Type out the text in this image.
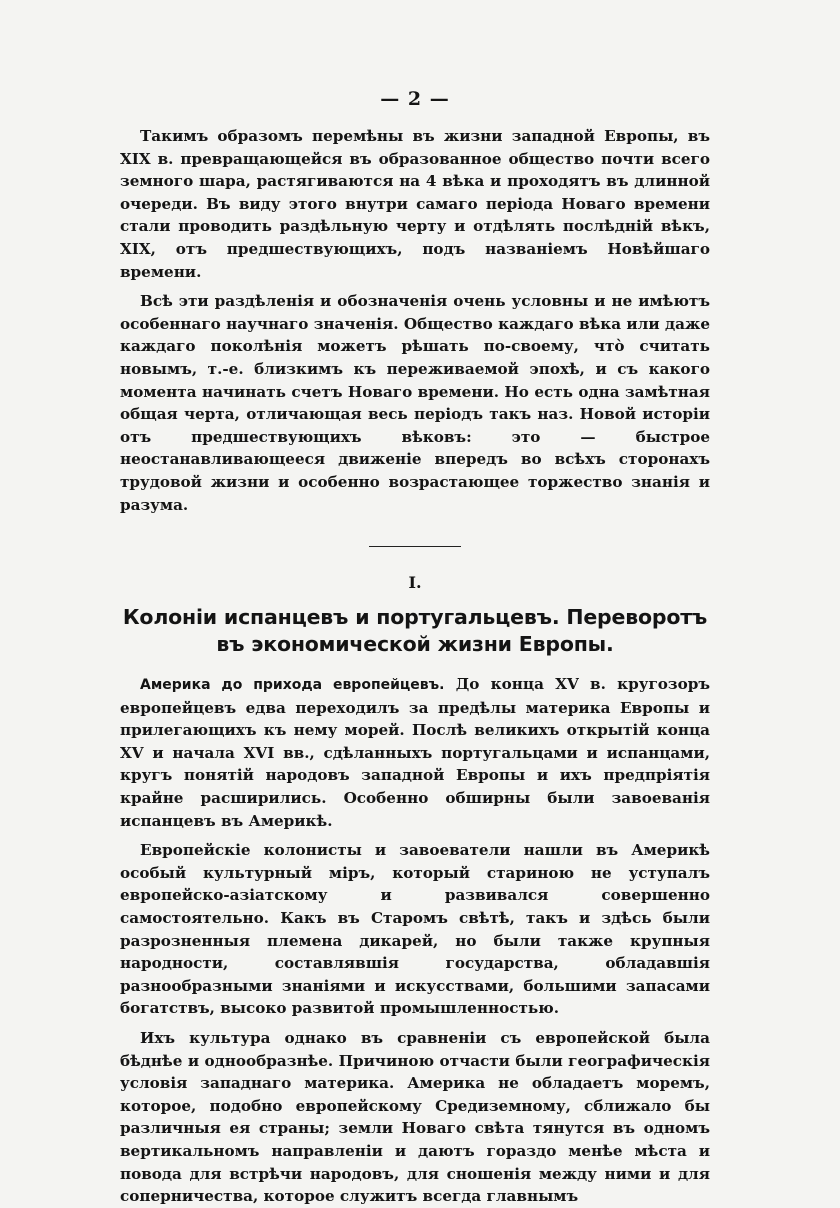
— 2 —

Такимъ образомъ перемѣны въ жизни западной Европы, въ XIX в. превращающейся въ образованное общество почти всего земного шара, растягиваются на 4 вѣка и проходятъ въ длинной очереди. Въ виду этого внутри самаго періода Новаго времени стали проводить раздѣльную черту и отдѣлять послѣдній вѣкъ, XIX, отъ предшествующихъ, подъ названіемъ Новѣйшаго времени.

Всѣ эти раздѣленія и обозначенія очень условны и не имѣютъ особеннаго научнаго значенія. Общество каждаго вѣка или даже каждаго поколѣнія можетъ рѣшать по-своему, что̀ считать новымъ, т.-е. близкимъ къ переживаемой эпохѣ, и съ какого момента начинать счетъ Новаго времени. Но есть одна замѣтная общая черта, отличающая весь періодъ такъ наз. Новой исторіи отъ предшествующихъ вѣковъ: это — быстрое неостанавливающееся движеніе впередъ во всѣхъ сторонахъ трудовой жизни и особенно возрастающее торжество знанія и разума.

I.
Колоніи испанцевъ и португальцевъ. Переворотъ
въ экономической жизни Европы.

Америка до прихода европейцевъ. До конца XV в. кругозоръ европейцевъ едва переходилъ за предѣлы материка Европы и прилегающихъ къ нему морей. Послѣ великихъ открытій конца XV и начала XVI вв., сдѣланныхъ португальцами и испанцами, кругъ понятій народовъ западной Европы и ихъ предпріятія крайне расширились. Особенно обширны были завоеванія испанцевъ въ Америкѣ.

Европейскіе колонисты и завоеватели нашли въ Америкѣ особый культурный міръ, который стариною не уступалъ европейско-азіатскому и развивался совершенно самостоятельно. Какъ въ Старомъ свѣтѣ, такъ и здѣсь были разрозненныя племена дикарей, но были также крупныя народности, составлявшія государства, обладавшія разнообразными знаніями и искусствами, большими запасами богатствъ, высоко развитой промышленностью.

Ихъ культура однако въ сравненіи съ европейской была бѣднѣе и однообразнѣе. Причиною отчасти были географическія условія западнаго материка. Америка не обладаетъ моремъ, которое, подобно европейскому Средиземному, сближало бы различныя ея страны; земли Новаго свѣта тянутся въ одномъ вертикальномъ направленіи и даютъ гораздо менѣе мѣста и повода для встрѣчи народовъ, для сношенія между ними и для соперничества, которое служитъ всегда главнымъ
